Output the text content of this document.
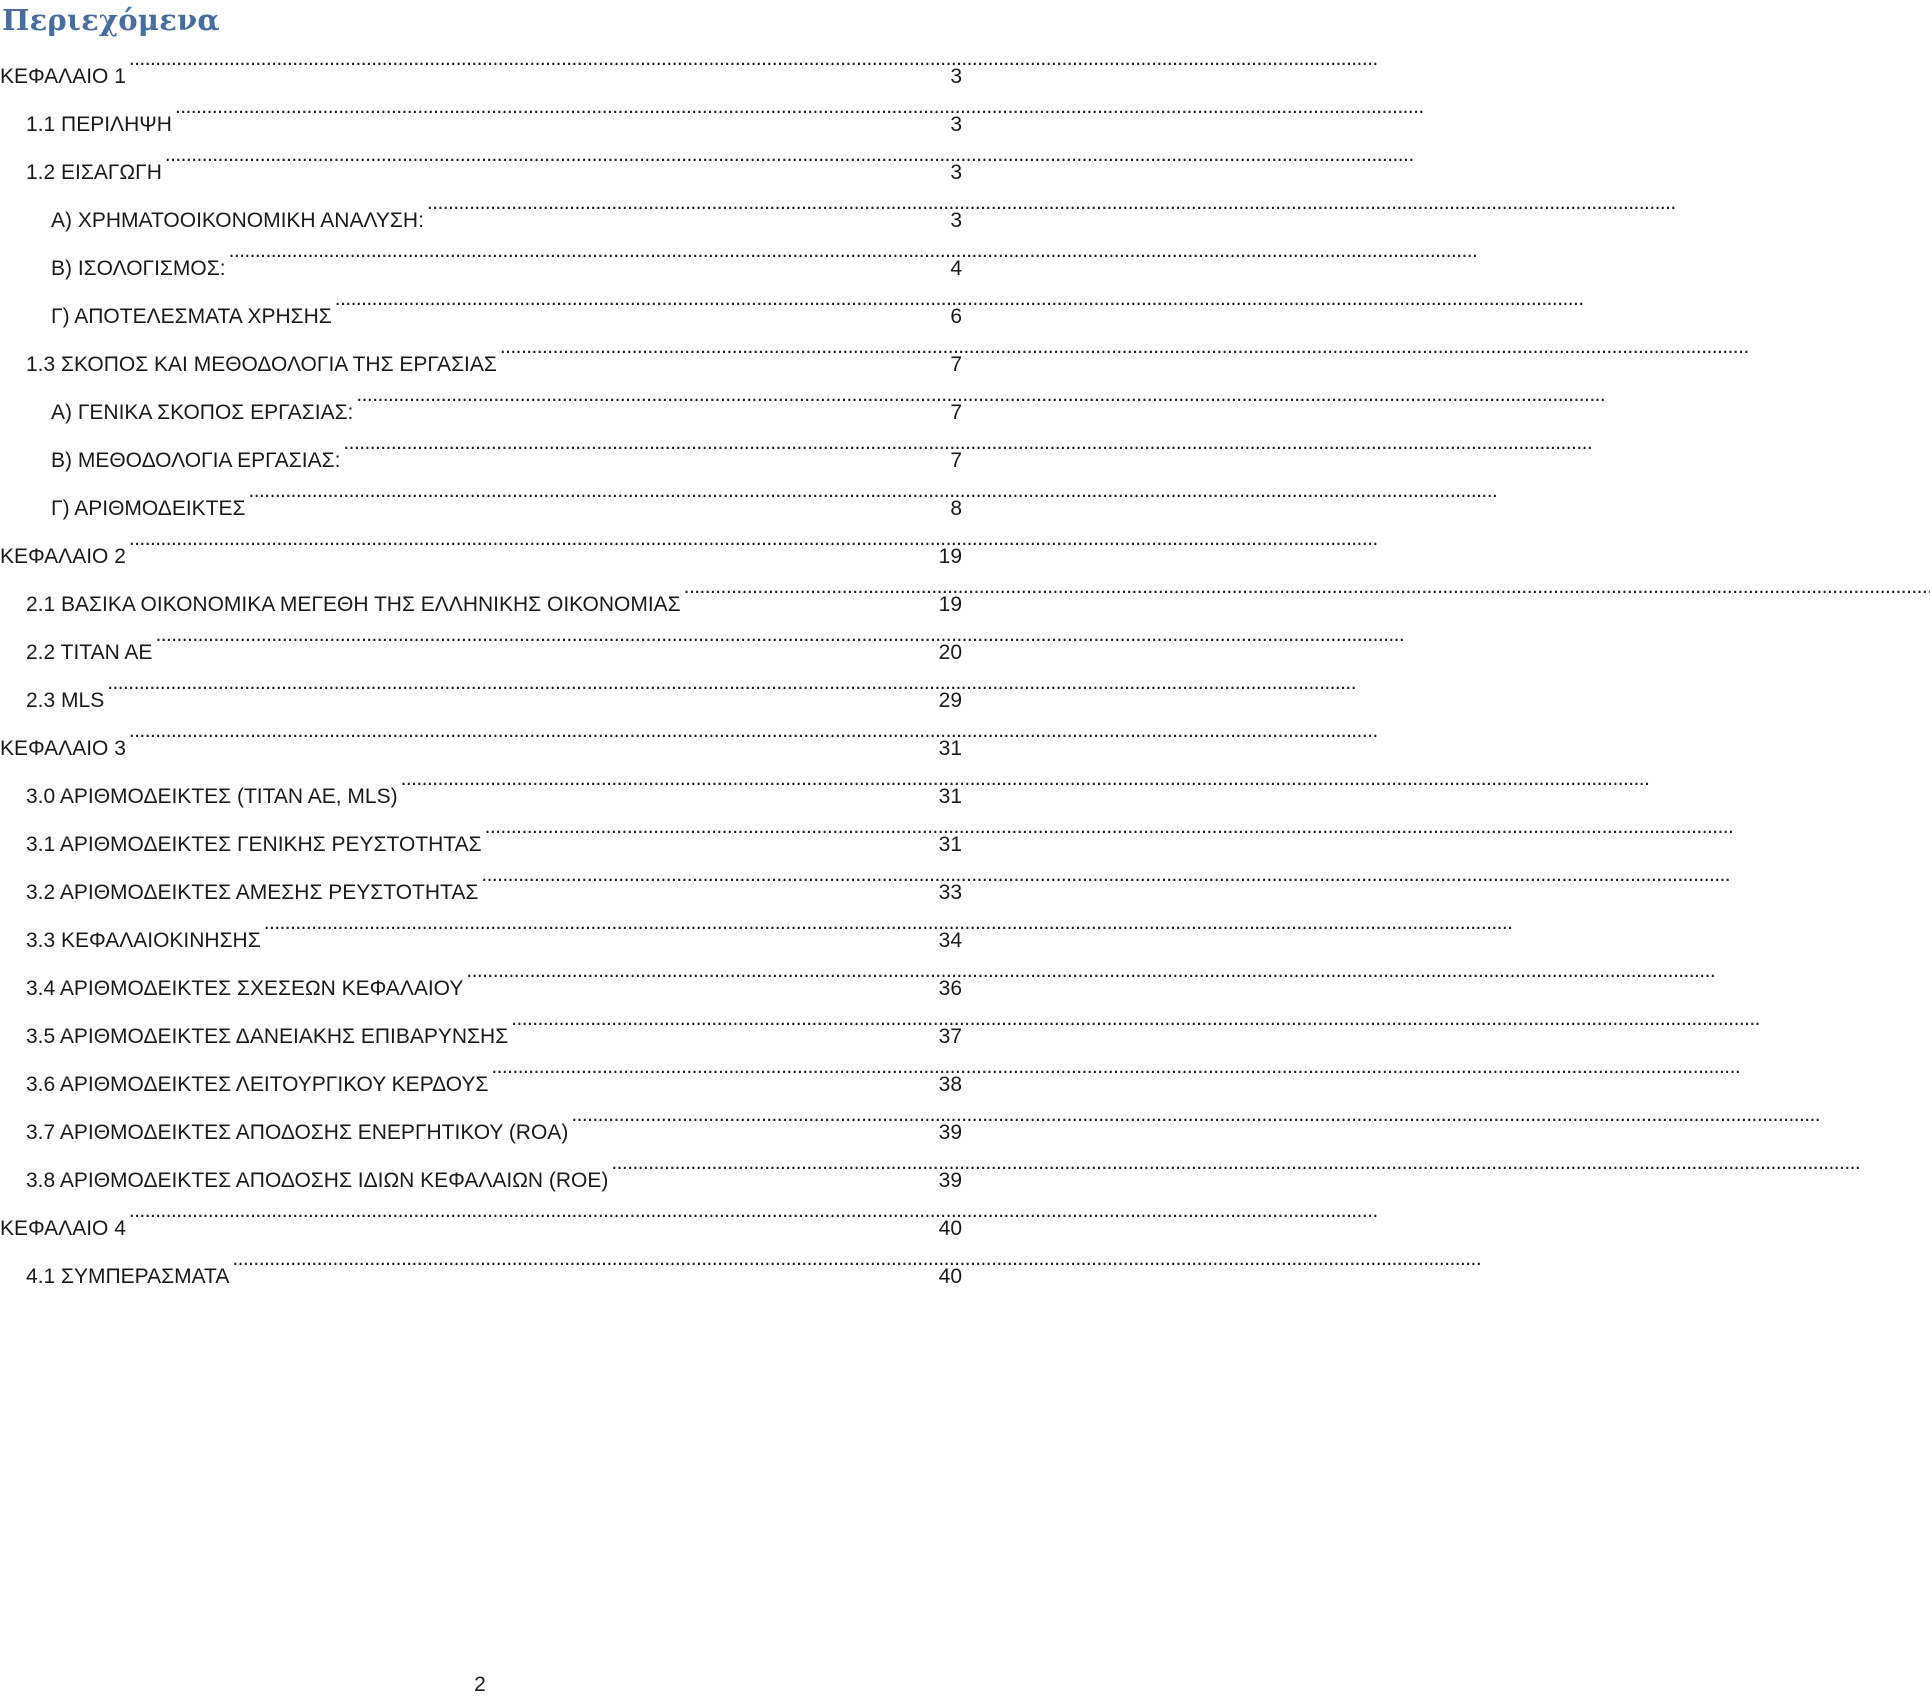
Περιεχόμενα
ΚΕΦΑΛΑΙΟ 1 . . .	3
1.1 ΠΕΡΙΛΗΨΗ . . .	3
1.2 ΕΙΣΑΓΩΓΗ . . .	3
Α) ΧΡΗΜΑΤΟΟΙΚΟΝΟΜΙΚΗ ΑΝΑΛΥΣΗ: . . .	3
Β) ΙΣΟΛΟΓΙΣΜΟΣ: . . .	4
Γ) ΑΠΟΤΕΛΕΣΜΑΤΑ ΧΡΗΣΗΣ . . .	6
1.3 ΣΚΟΠΟΣ ΚΑΙ ΜΕΘΟΔΟΛΟΓΙΑ ΤΗΣ ΕΡΓΑΣΙΑΣ . . .	7
Α) ΓΕΝΙΚΑ ΣΚΟΠΟΣ ΕΡΓΑΣΙΑΣ: . . .	7
Β) ΜΕΘΟΔΟΛΟΓΙΑ ΕΡΓΑΣΙΑΣ: . . .	7
Γ) ΑΡΙΘΜΟΔΕΙΚΤΕΣ . . .	8
ΚΕΦΑΛΑΙΟ 2 . . .	19
2.1 ΒΑΣΙΚΑ ΟΙΚΟΝΟΜΙΚΑ ΜΕΓΕΘΗ ΤΗΣ ΕΛΛΗΝΙΚΗΣ ΟΙΚΟΝΟΜΙΑΣ . . .	19
2.2 ΤΙΤΑΝ ΑΕ . . .	20
2.3 MLS . . .	29
ΚΕΦΑΛΑΙΟ 3 . . .	31
3.0 ΑΡΙΘΜΟΔΕΙΚΤΕΣ (ΤΙΤΑΝ ΑΕ, MLS) . . .	31
3.1 ΑΡΙΘΜΟΔΕΙΚΤΕΣ ΓΕΝΙΚΗΣ ΡΕΥΣΤΟΤΗΤΑΣ . . .	31
3.2 ΑΡΙΘΜΟΔΕΙΚΤΕΣ ΑΜΕΣΗΣ ΡΕΥΣΤΟΤΗΤΑΣ . . .	33
3.3 ΚΕΦΑΛΑΙΟΚΙΝΗΣΗΣ . . .	34
3.4 ΑΡΙΘΜΟΔΕΙΚΤΕΣ ΣΧΕΣΕΩΝ ΚΕΦΑΛΑΙΟΥ . . .	36
3.5 ΑΡΙΘΜΟΔΕΙΚΤΕΣ ΔΑΝΕΙΑΚΗΣ ΕΠΙΒΑΡΥΝΣΗΣ . . .	37
3.6 ΑΡΙΘΜΟΔΕΙΚΤΕΣ ΛΕΙΤΟΥΡΓΙΚΟΥ ΚΕΡΔΟΥΣ . . .	38
3.7 ΑΡΙΘΜΟΔΕΙΚΤΕΣ ΑΠΟΔΟΣΗΣ ΕΝΕΡΓΗΤΙΚΟΥ (ROA) . . .	39
3.8 ΑΡΙΘΜΟΔΕΙΚΤΕΣ ΑΠΟΔΟΣΗΣ ΙΔΙΩΝ ΚΕΦΑΛΑΙΩΝ (ROE) . . .	39
ΚΕΦΑΛΑΙΟ 4 . . .	40
4.1 ΣΥΜΠΕΡΑΣΜΑΤΑ . . .	40
2
